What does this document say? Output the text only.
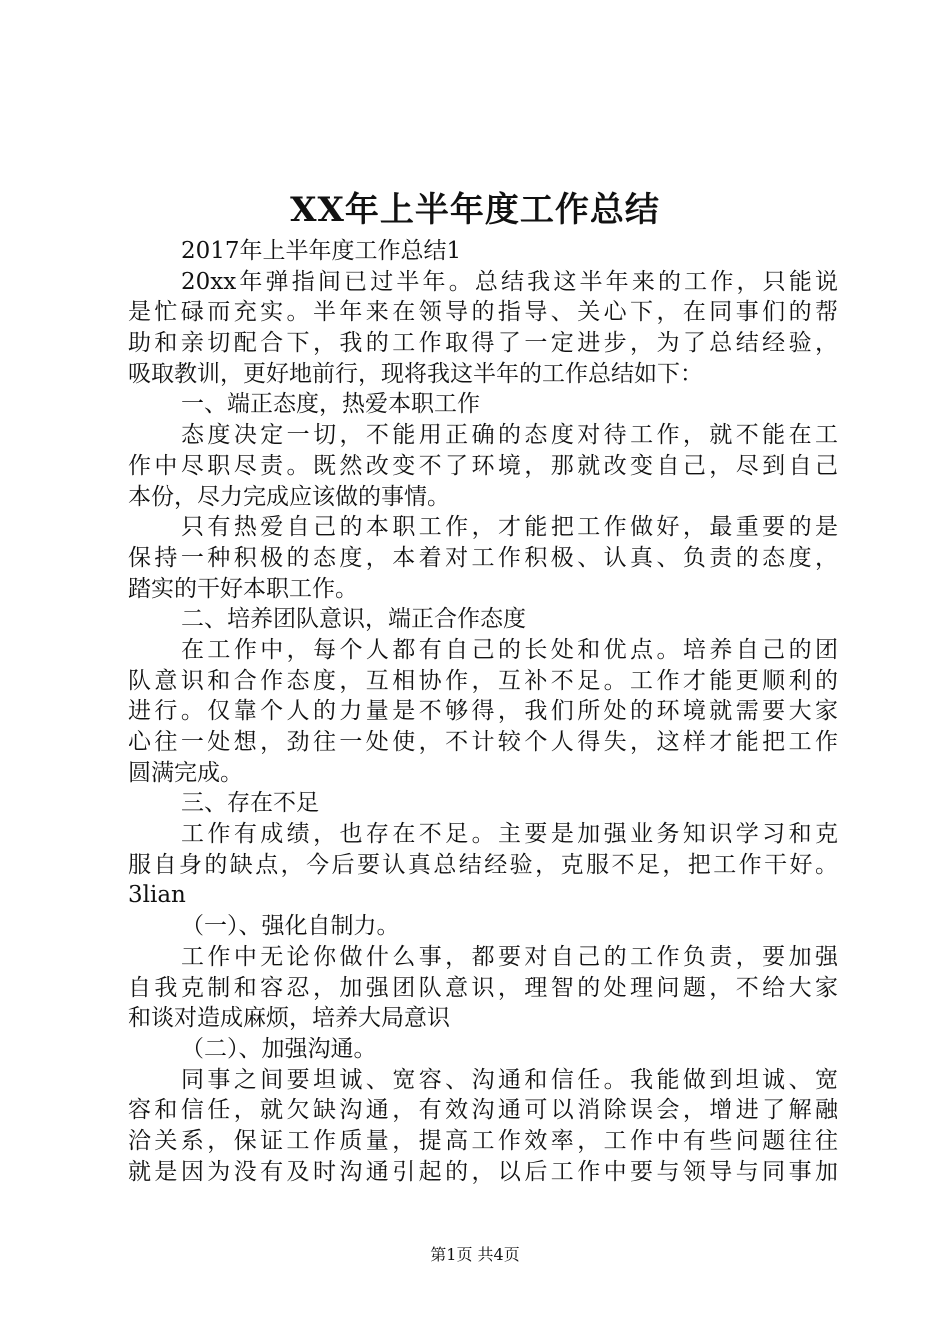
XX年上半年度工作总结

2017年上半年度工作总结1

20xx年弹指间已过半年。总结我这半年来的工作，只能说

是忙碌而充实。半年来在领导的指导、关心下，在同事们的帮

助和亲切配合下，我的工作取得了一定进步，为了总结经验，

吸取教训，更好地前行，现将我这半年的工作总结如下：

一、端正态度，热爱本职工作

态度决定一切，不能用正确的态度对待工作，就不能在工

作中尽职尽责。既然改变不了环境，那就改变自己，尽到自己

本份，尽力完成应该做的事情。

只有热爱自己的本职工作，才能把工作做好，最重要的是

保持一种积极的态度，本着对工作积极、认真、负责的态度，

踏实的干好本职工作。

二、培养团队意识，端正合作态度

在工作中，每个人都有自己的长处和优点。培养自己的团

队意识和合作态度，互相协作，互补不足。工作才能更顺利的

进行。仅靠个人的力量是不够得，我们所处的环境就需要大家

心往一处想，劲往一处使，不计较个人得失，这样才能把工作

圆满完成。

三、存在不足

工作有成绩，也存在不足。主要是加强业务知识学习和克

服自身的缺点，今后要认真总结经验，克服不足，把工作干好。

3lian

（一）、强化自制力。

工作中无论你做什么事，都要对自己的工作负责，要加强

自我克制和容忍，加强团队意识，理智的处理问题，不给大家

和谈对造成麻烦，培养大局意识

（二）、加强沟通。

同事之间要坦诚、宽容、沟通和信任。我能做到坦诚、宽

容和信任，就欠缺沟通，有效沟通可以消除误会，增进了解融

洽关系，保证工作质量，提高工作效率，工作中有些问题往往

就是因为没有及时沟通引起的，以后工作中要与领导与同事加

第1页 共4页
